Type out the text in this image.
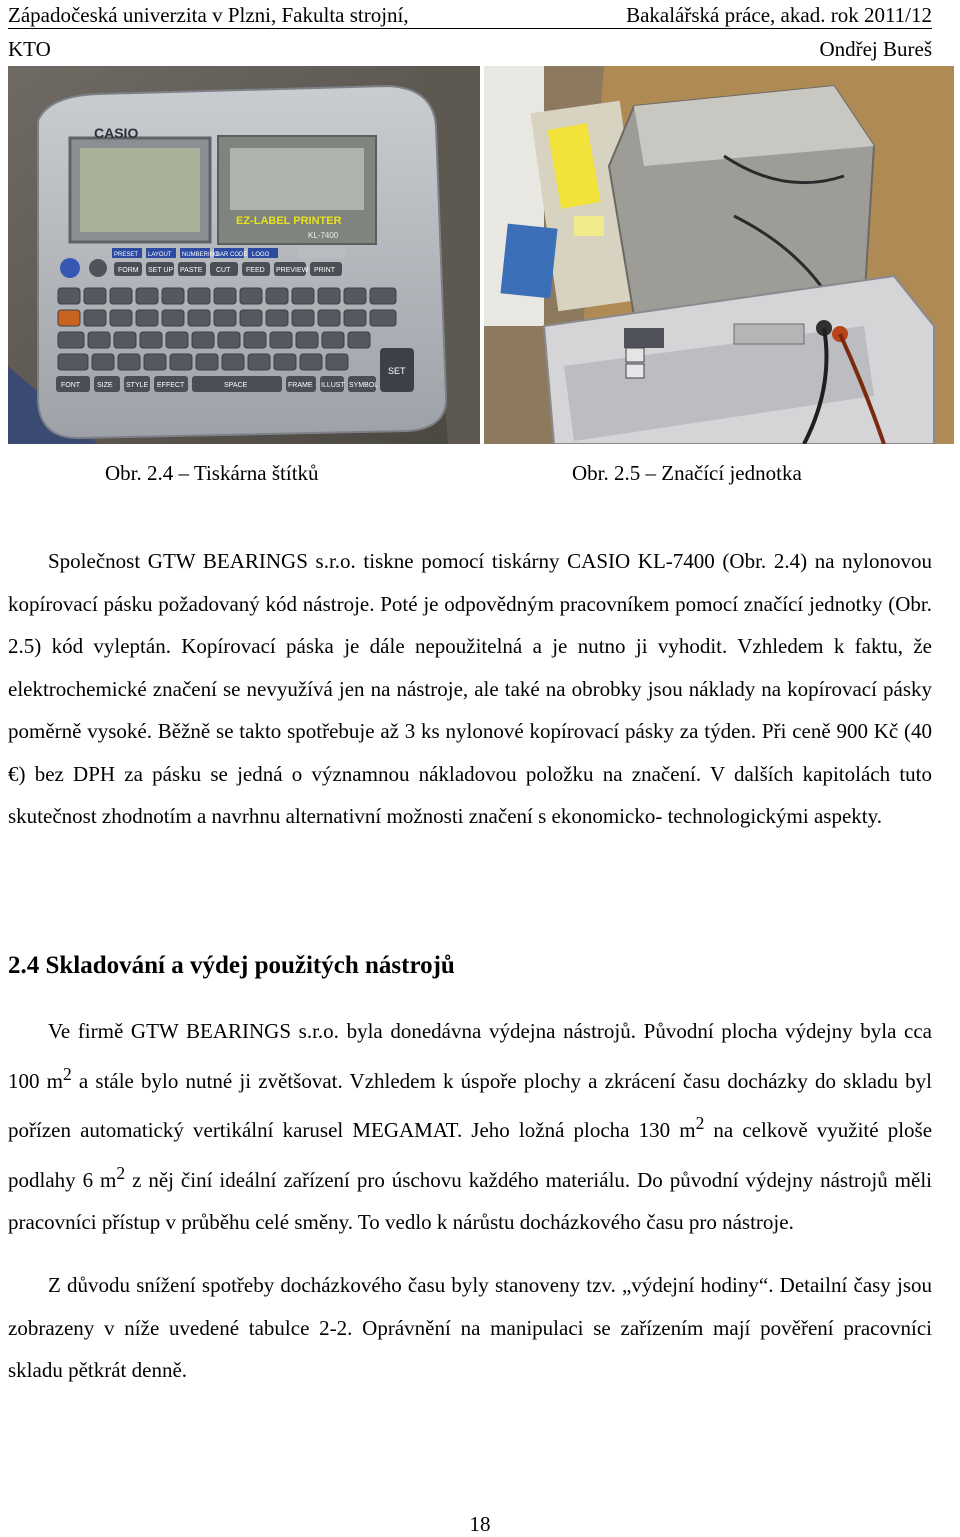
Západočeská univerzita v Plzni, Fakulta strojní,	Bakalářská práce, akad. rok 2011/12
KTO	Ondřej Bureš
CASIO
EZ-LABEL PRINTER
KL-7400
PRESET LAYOUT NUMBERING
BAR CODE LOGO
FORM SET UP PASTE CUT FEED PREVIEW PRINT
SET
FONT SIZE STYLE EFFECT	SPACE	FRAME ILLUST SYMBOL
Obr. 2.4 – Tiskárna štítků	Obr. 2.5 – Značící jednotka

Společnost GTW BEARINGS s.r.o. tiskne pomocí tiskárny CASIO KL-7400 (Obr. 2.4) na nylonovou kopírovací pásku požadovaný kód nástroje. Poté je odpovědným pracovníkem pomocí značící jednotky (Obr. 2.5) kód vyleptán. Kopírovací páska je dále nepoužitelná a je nutno ji vyhodit. Vzhledem k faktu, že elektrochemické značení se nevyužívá jen na nástroje, ale také na obrobky jsou náklady na kopírovací pásky poměrně vysoké. Běžně se takto spotřebuje až 3 ks nylonové kopírovací pásky za týden. Při ceně 900 Kč (40 €) bez DPH za pásku se jedná o významnou nákladovou položku na značení. V dalších kapitolách tuto skutečnost zhodnotím a navrhnu alternativní možnosti značení s ekonomicko- technologickými aspekty.

2.4 Skladování a výdej použitých nástrojů

Ve firmě GTW BEARINGS s.r.o. byla donedávna výdejna nástrojů. Původní plocha výdejny byla cca 100 $m^2$ a stále bylo nutné ji zvětšovat. Vzhledem k úspoře plochy a zkrácení času docházky do skladu byl pořízen automatický vertikální karusel MEGAMAT. Jeho ložná plocha 130 $m^2$ na celkově využité ploše podlahy 6 $m^2$ z něj činí ideální zařízení pro úschovu každého materiálu. Do původní výdejny nástrojů měli pracovníci přístup v průběhu celé směny. To vedlo k nárůstu docházkového času pro nástroje.

Z důvodu snížení spotřeby docházkového času byly stanoveny tzv. „výdejní hodiny“. Detailní časy jsou zobrazeny v níže uvedené tabulce 2-2. Oprávnění na manipulaci se zařízením mají pověření pracovníci skladu pětkrát denně.

18
